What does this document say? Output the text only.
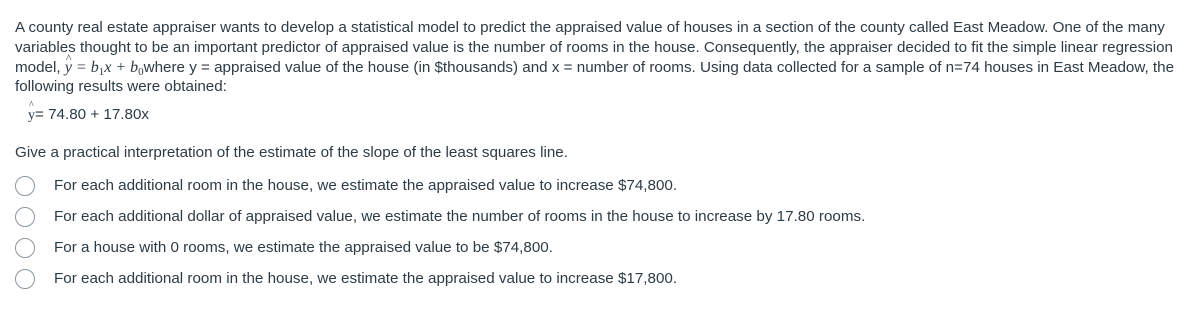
A county real estate appraiser wants to develop a statistical model to predict the appraised value of houses in a section of the county called East Meadow. One of the many variables thought to be an important predictor of appraised value is the number of rooms in the house. Consequently, the appraiser decided to fit the simple linear regression model, ^ $y = b_1x$ + $b_0where$ y = appraised value of the house (in $thousands) and x = number of rooms. Using data collected for a sample of n=74 houses in East Meadow, the following results were obtained:
^ y= 74.80 + 17.80x
Give a practical interpretation of the estimate of the slope of the least squares line.
For each additional room in the house, we estimate the appraised value to increase $74,800.
For each additional dollar of appraised value, we estimate the number of rooms in the house to increase by 17.80 rooms.
For a house with 0 rooms, we estimate the appraised value to be $74,800.
For each additional room in the house, we estimate the appraised value to increase $17,800.
